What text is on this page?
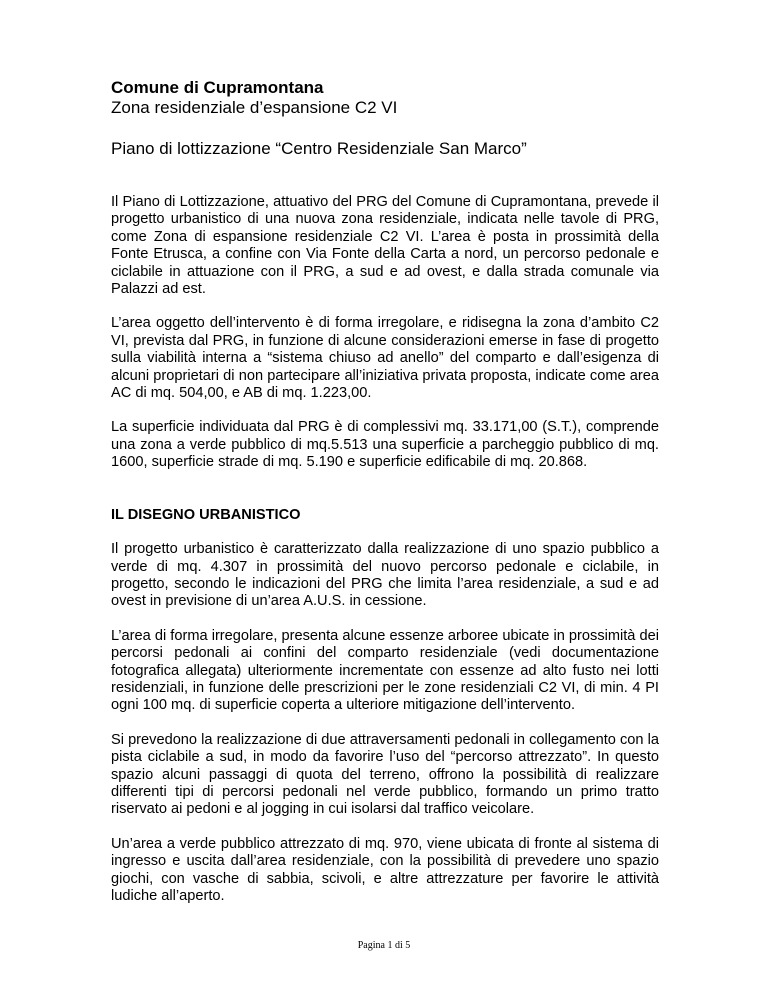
Comune di Cupramontana

Zona residenziale d’espansione C2 VI

Piano di lottizzazione “Centro Residenziale San Marco”

Il Piano di Lottizzazione, attuativo del PRG del Comune di Cupramontana, prevede il progetto urbanistico di una nuova zona residenziale, indicata nelle tavole di PRG, come Zona di espansione residenziale C2 VI. L’area è posta in prossimità della Fonte Etrusca, a confine con Via Fonte della Carta a nord, un percorso pedonale e ciclabile in attuazione con il PRG, a sud e ad ovest, e dalla strada comunale via Palazzi ad est.

L’area oggetto dell’intervento è di forma irregolare, e ridisegna la zona d’ambito C2 VI, prevista dal PRG, in funzione di alcune considerazioni emerse in fase di progetto sulla viabilità interna a “sistema chiuso ad anello” del comparto e dall’esigenza di alcuni proprietari di non partecipare all’iniziativa privata proposta, indicate come area AC di mq. 504,00, e AB di mq. 1.223,00.

La superficie individuata dal PRG è di complessivi mq. 33.171,00 (S.T.), comprende una zona a verde pubblico di mq.5.513 una superficie a parcheggio pubblico di mq. 1600, superficie strade di mq. 5.190 e superficie edificabile di mq. 20.868.

IL DISEGNO URBANISTICO

Il progetto urbanistico è caratterizzato dalla realizzazione di uno spazio pubblico a verde di mq. 4.307 in prossimità del nuovo percorso pedonale e ciclabile, in progetto, secondo le indicazioni del PRG che limita l’area residenziale, a sud e ad ovest in previsione di un’area A.U.S. in cessione.

L’area di forma irregolare, presenta alcune essenze arboree ubicate in prossimità dei percorsi pedonali ai confini del comparto residenziale (vedi documentazione fotografica allegata) ulteriormente incrementate con essenze ad alto fusto nei lotti residenziali, in funzione delle prescrizioni per le zone residenziali C2 VI, di min. 4 PI ogni 100 mq. di superficie coperta a ulteriore mitigazione dell’intervento.

Si prevedono la realizzazione di due attraversamenti pedonali in collegamento con la pista ciclabile a sud, in modo da favorire l’uso del “percorso attrezzato”. In questo spazio alcuni passaggi di quota del terreno, offrono la possibilità di realizzare differenti tipi di percorsi pedonali nel verde pubblico, formando un primo tratto riservato ai pedoni e al jogging in cui isolarsi dal traffico veicolare.

Un’area a verde pubblico attrezzato di mq. 970, viene ubicata di fronte al sistema di ingresso e uscita dall’area residenziale, con la possibilità di prevedere uno spazio giochi, con vasche di sabbia, scivoli, e altre attrezzature per favorire le attività ludiche all’aperto.

Pagina 1 di 5
